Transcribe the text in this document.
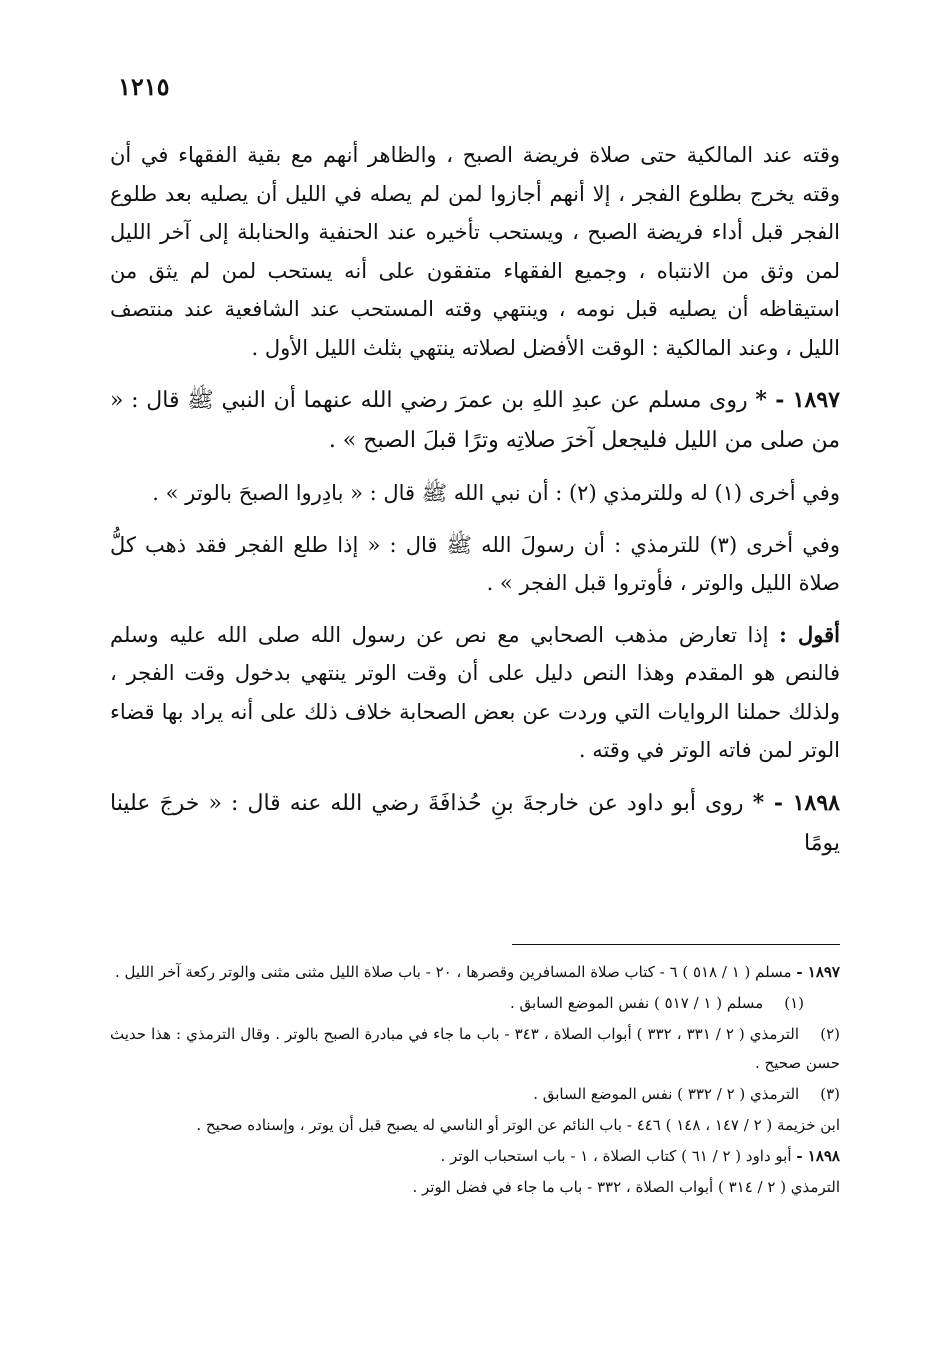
١٢١٥

وقته عند المالكية حتى صلاة فريضة الصبح ، والظاهر أنهم مع بقية الفقهاء في أن وقته يخرج بطلوع الفجر ، إلا أنهم أجازوا لمن لم يصله في الليل أن يصليه بعد طلوع الفجر قبل أداء فريضة الصبح ، ويستحب تأخيره عند الحنفية والحنابلة إلى آخر الليل لمن وثق من الانتباه ، وجميع الفقهاء متفقون على أنه يستحب لمن لم يثق من استيقاظه أن يصليه قبل نومه ، وينتهي وقته المستحب عند الشافعية عند منتصف الليل ، وعند المالكية : الوقت الأفضل لصلاته ينتهي بثلث الليل الأول .

١٨٩٧ - * روى مسلم عن عبدِ اللهِ بن عمرَ رضي الله عنهما أن النبي ﷺ قال : « من صلى من الليل فليجعل آخرَ صلاتِه وترًا قبلَ الصبح » .

وفي أخرى (١) له وللترمذي (٢) : أن نبي الله ﷺ قال : « بادِروا الصبحَ بالوتر » .

وفي أخرى (٣) للترمذي : أن رسولَ الله ﷺ قال : « إذا طلع الفجر فقد ذهب كلُّ صلاة الليل والوتر ، فأوتروا قبل الفجر » .

أقول : إذا تعارض مذهب الصحابي مع نص عن رسول الله صلى الله عليه وسلم فالنص هو المقدم وهذا النص دليل على أن وقت الوتر ينتهي بدخول وقت الفجر ، ولذلك حملنا الروايات التي وردت عن بعض الصحابة خلاف ذلك على أنه يراد بها قضاء الوتر لمن فاته الوتر في وقته .

١٨٩٨ - * روى أبو داود عن خارجةَ بنِ حُذافَةَ رضي الله عنه قال : « خرجَ علينا يومًا

١٨٩٧ - مسلم ( ١ / ٥١٨ ) ٦ - كتاب صلاة المسافرين وقصرها ، ٢٠ - باب صلاة الليل مثنى مثنى والوتر ركعة آخر الليل .

(١) مسلم ( ١ / ٥١٧ ) نفس الموضع السابق .

(٢) الترمذي ( ٢ / ٣٣١ ، ٣٣٢ ) أبواب الصلاة ، ٣٤٣ - باب ما جاء في مبادرة الصبح بالوتر . وقال الترمذي : هذا حديث حسن صحيح .

(٣) الترمذي ( ٢ / ٣٣٢ ) نفس الموضع السابق .

ابن خزيمة ( ٢ / ١٤٧ ، ١٤٨ ) ٤٤٦ - باب النائم عن الوتر أو الناسي له يصبح قبل أن يوتر ، وإسناده صحيح .

١٨٩٨ - أبو داود ( ٢ / ٦١ ) كتاب الصلاة ، ١ - باب استحباب الوتر .

الترمذي ( ٢ / ٣١٤ ) أبواب الصلاة ، ٣٣٢ - باب ما جاء في فضل الوتر .
